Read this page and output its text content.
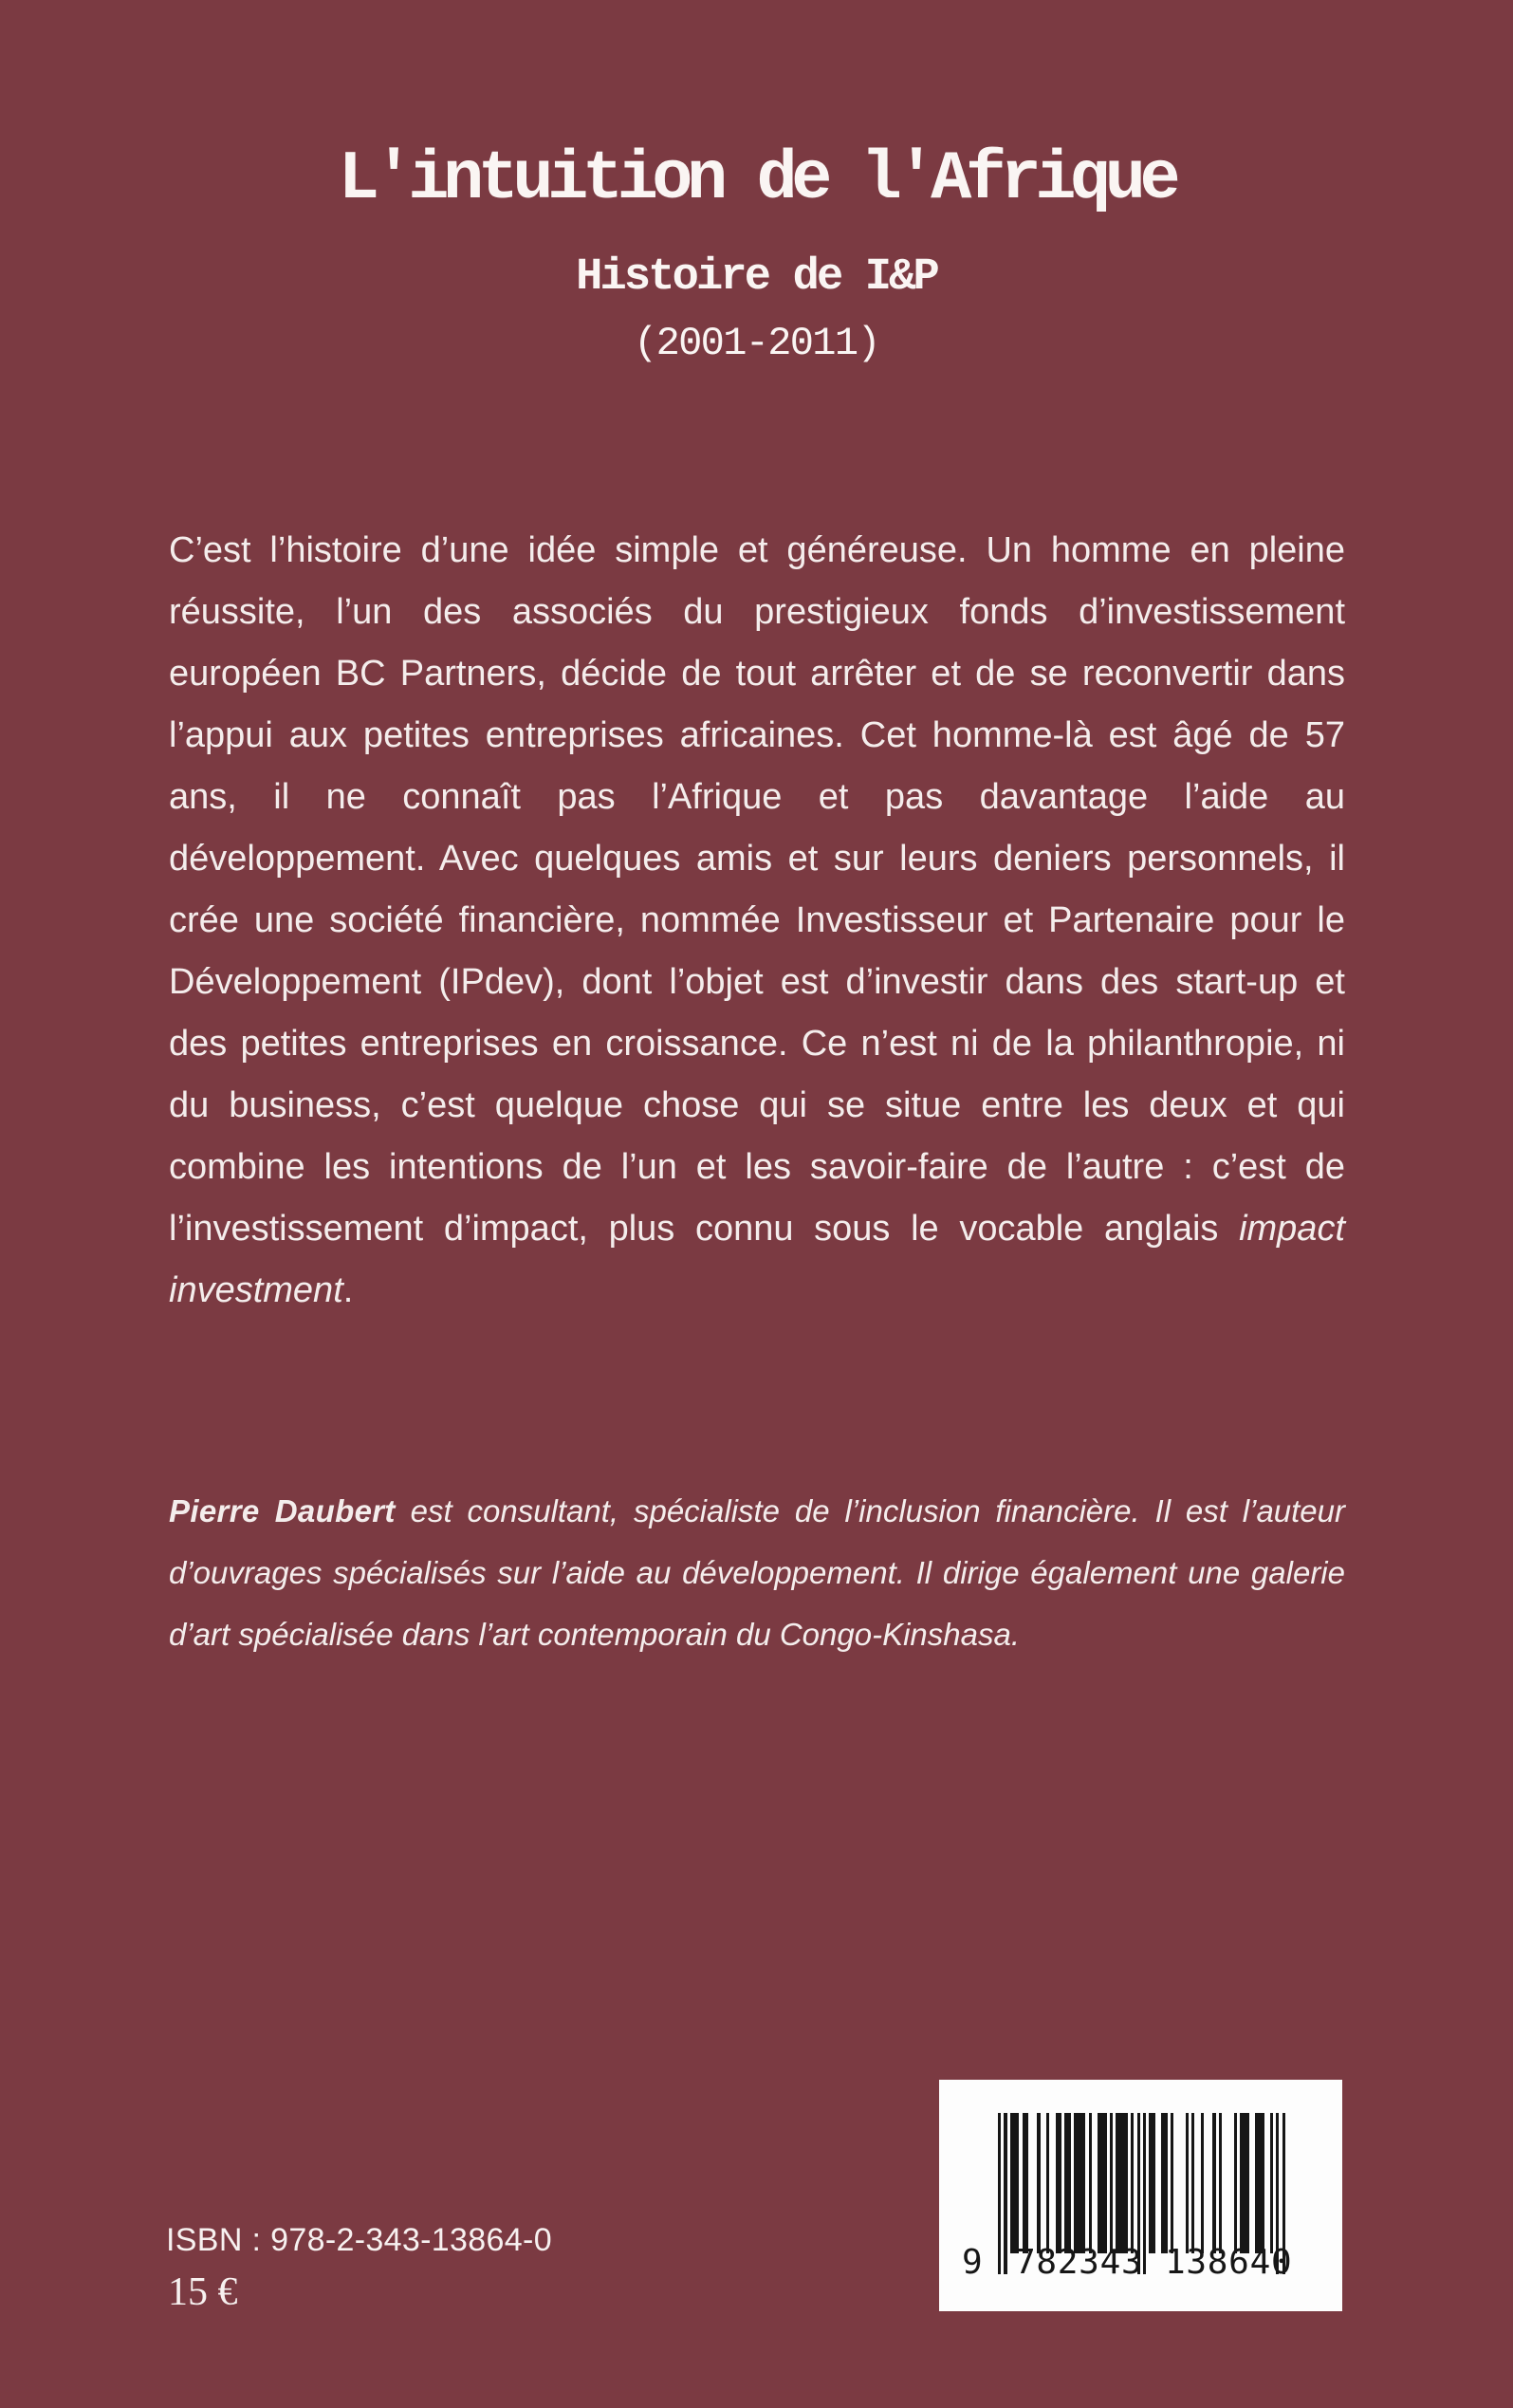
L'intuition de l'Afrique
Histoire de I&P
(2001-2011)

C’est l’histoire d’une idée simple et généreuse. Un homme en pleine réussite, l’un des associés du prestigieux fonds d’investissement européen BC Partners, décide de tout arrêter et de se reconvertir dans l’appui aux petites entreprises africaines. Cet homme-là est âgé de 57 ans, il ne connaît pas l’Afrique et pas davantage l’aide au développement. Avec quelques amis et sur leurs deniers personnels, il crée une société financière, nommée Investisseur et Partenaire pour le Développement (IPdev), dont l’objet est d’investir dans des start-up et des petites entreprises en croissance. Ce n’est ni de la philanthropie, ni du business, c’est quelque chose qui se situe entre les deux et qui combine les intentions de l’un et les savoir-faire de l’autre : c’est de l’investissement d’impact, plus connu sous le vocable anglais impact investment.

Pierre Daubert est consultant, spécialiste de l’inclusion financière. Il est l’auteur d’ouvrages spécialisés sur l’aide au développement. Il dirige également une galerie d’art spécialisée dans l’art contemporain du Congo-Kinshasa.

ISBN : 978-2-343-13864-0
15 €
9 782343 138640
